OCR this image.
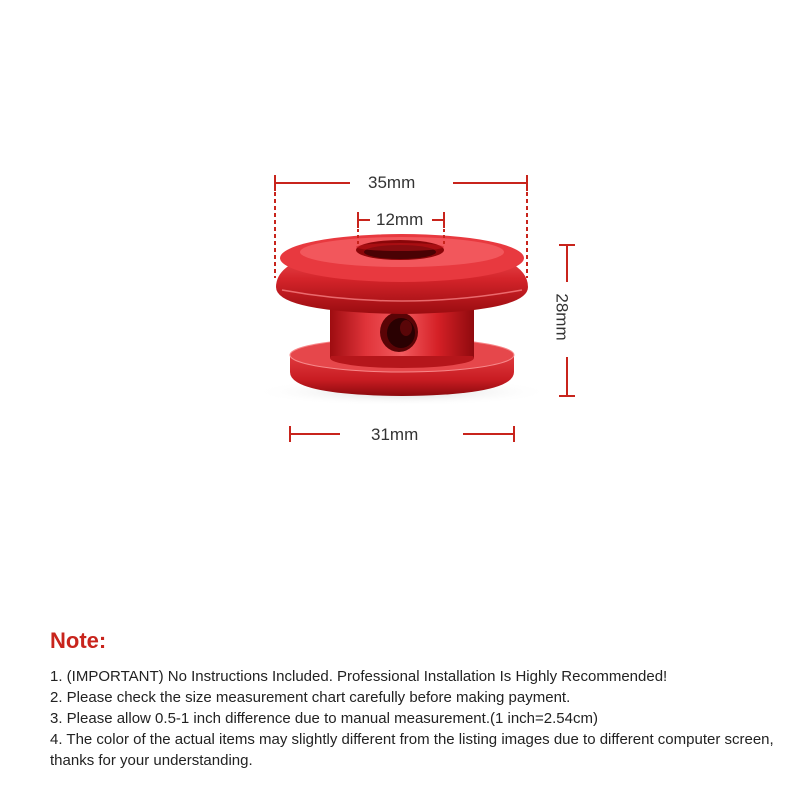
35mm
12mm
28mm
31mm
Note:
1. (IMPORTANT) No Instructions Included. Professional Installation Is Highly Recommended!
2. Please check the size measurement chart carefully before making payment.
3. Please allow 0.5-1 inch difference due to manual measurement.(1 inch=2.54cm)
4. The color of the actual items may slightly different from the listing images due to different computer screen, thanks for your understanding.
